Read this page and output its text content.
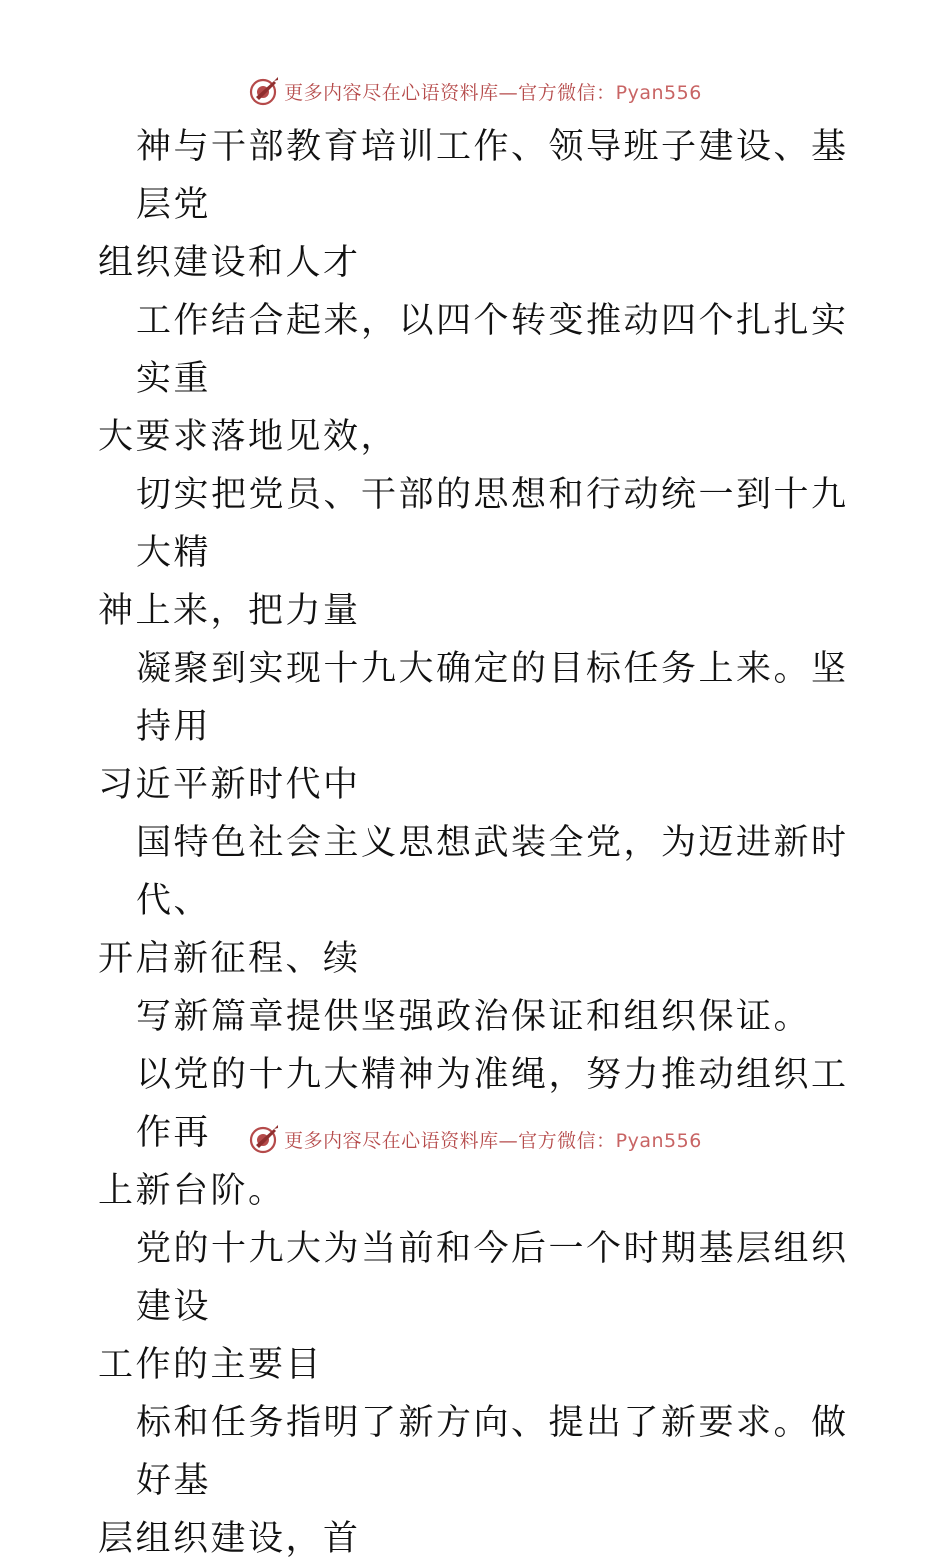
更多内容尽在心语资料库—官方微信：Pyan556

神与干部教育培训工作、领导班子建设、基层党
组织建设和人才

工作结合起来，以四个转变推动四个扎扎实实重
大要求落地见效，

切实把党员、干部的思想和行动统一到十九大精
神上来，把力量

凝聚到实现十九大确定的目标任务上来。坚持用
习近平新时代中

国特色社会主义思想武装全党，为迈进新时代、
开启新征程、续

写新篇章提供坚强政治保证和组织保证。

以党的十九大精神为准绳，努力推动组织工作再
上新台阶。

党的十九大为当前和今后一个时期基层组织建设
工作的主要目

标和任务指明了新方向、提出了新要求。做好基
层组织建设，首

更多内容尽在心语资料库—官方微信：Pyan556
